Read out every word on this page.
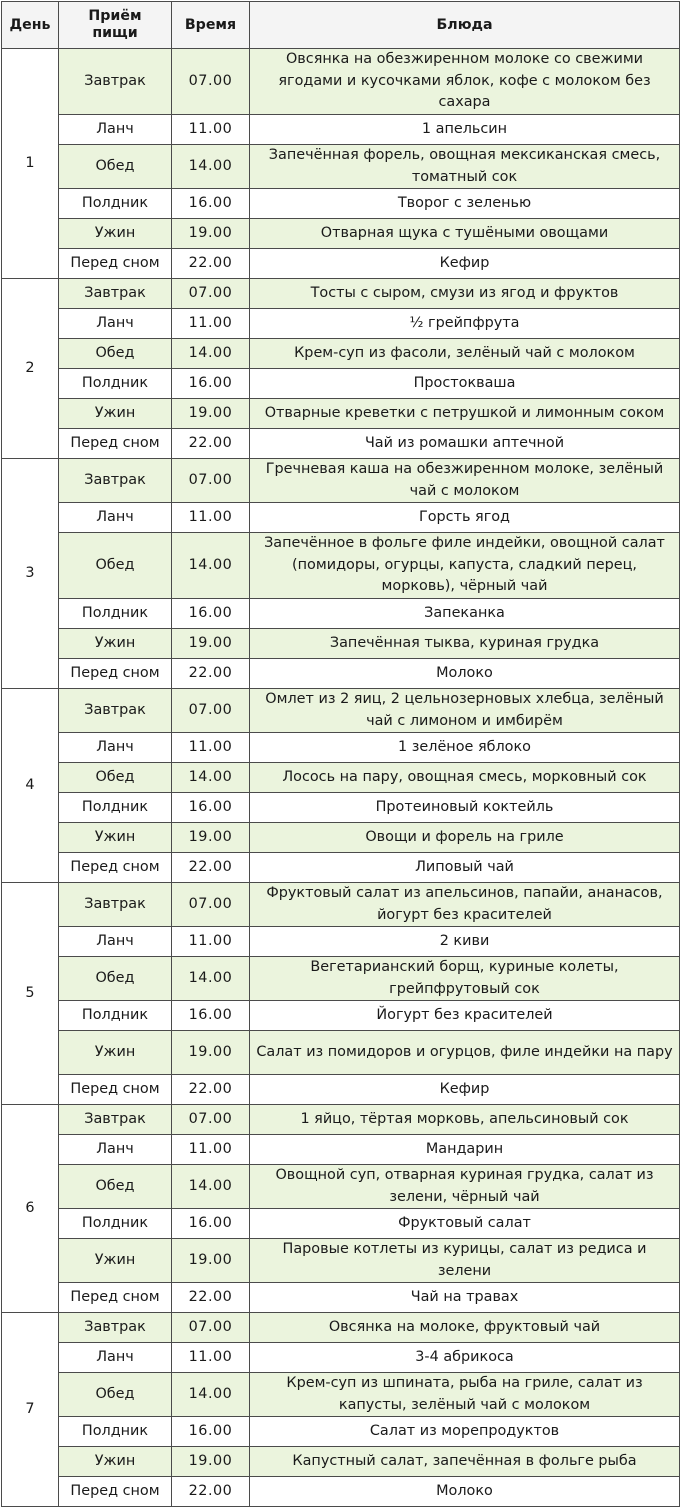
День	Приём пищи	Время	Блюда
1	Завтрак	07.00	Овсянка на обезжиренном молоке со свежими ягодами и кусочками яблок, кофе с молоком без сахара
	Ланч	11.00	1 апельсин
	Обед	14.00	Запечённая форель, овощная мексиканская смесь, томатный сок
	Полдник	16.00	Творог с зеленью
	Ужин	19.00	Отварная щука с тушёными овощами
	Перед сном	22.00	Кефир
2	Завтрак	07.00	Тосты с сыром, смузи из ягод и фруктов
	Ланч	11.00	½ грейпфрута
	Обед	14.00	Крем-суп из фасоли, зелёный чай с молоком
	Полдник	16.00	Простокваша
	Ужин	19.00	Отварные креветки с петрушкой и лимонным соком
	Перед сном	22.00	Чай из ромашки аптечной
3	Завтрак	07.00	Гречневая каша на обезжиренном молоке, зелёный чай с молоком
	Ланч	11.00	Горсть ягод
	Обед	14.00	Запечённое в фольге филе индейки, овощной салат (помидоры, огурцы, капуста, сладкий перец, морковь), чёрный чай
	Полдник	16.00	Запеканка
	Ужин	19.00	Запечённая тыква, куриная грудка
	Перед сном	22.00	Молоко
4	Завтрак	07.00	Омлет из 2 яиц, 2 цельнозерновых хлебца, зелёный чай с лимоном и имбирём
	Ланч	11.00	1 зелёное яблоко
	Обед	14.00	Лосось на пару, овощная смесь, морковный сок
	Полдник	16.00	Протеиновый коктейль
	Ужин	19.00	Овощи и форель на гриле
	Перед сном	22.00	Липовый чай
5	Завтрак	07.00	Фруктовый салат из апельсинов, папайи, ананасов, йогурт без красителей
	Ланч	11.00	2 киви
	Обед	14.00	Вегетарианский борщ, куриные колеты, грейпфрутовый сок
	Полдник	16.00	Йогурт без красителей
	Ужин	19.00	Салат из помидоров и огурцов, филе индейки на пару
	Перед сном	22.00	Кефир
6	Завтрак	07.00	1 яйцо, тёртая морковь, апельсиновый сок
	Ланч	11.00	Мандарин
	Обед	14.00	Овощной суп, отварная куриная грудка, салат из зелени, чёрный чай
	Полдник	16.00	Фруктовый салат
	Ужин	19.00	Паровые котлеты из курицы, салат из редиса и зелени
	Перед сном	22.00	Чай на травах
7	Завтрак	07.00	Овсянка на молоке, фруктовый чай
	Ланч	11.00	3-4 абрикоса
	Обед	14.00	Крем-суп из шпината, рыба на гриле, салат из капусты, зелёный чай с молоком
	Полдник	16.00	Салат из морепродуктов
	Ужин	19.00	Капустный салат, запечённая в фольге рыба
	Перед сном	22.00	Молоко
